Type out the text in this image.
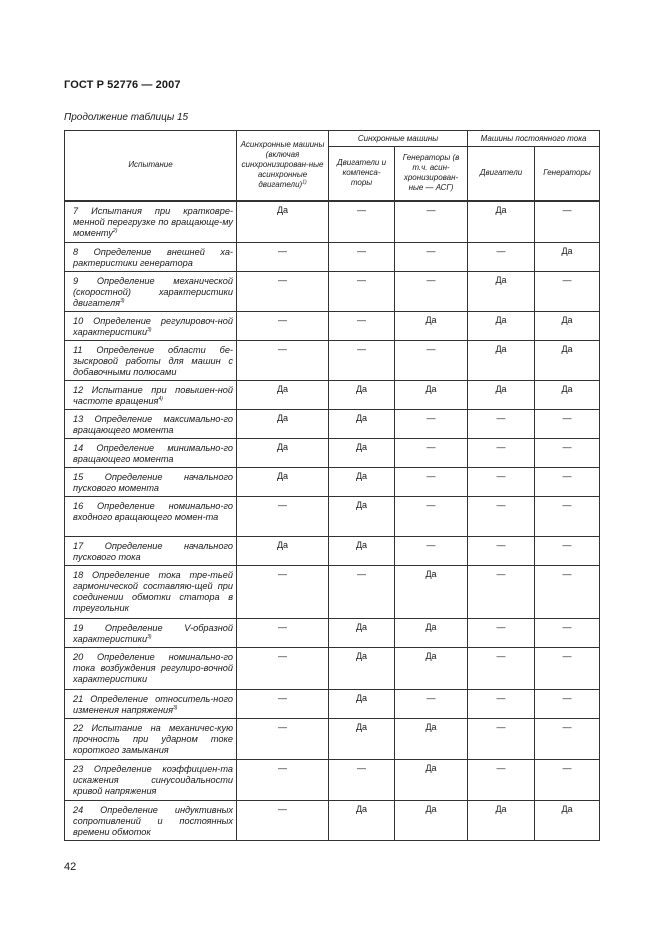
ГОСТ Р 52776 — 2007
Продолжение таблицы 15
Испытание	Асинхронные машины (включая синхронизирован-ные асинхронные двигатели)$^{1)}$	Синхронные машины		Машины постоянного тока	
		Двигатели и компенса-торы	Генераторы (в т.ч. асин-хронизирован-ные — АСГ)	Двигатели	Генераторы
7 Испытания при кратковре-менной перегрузке по вращающе-му моменту$^{2)}$	Да	—	—	Да	—
8 Определение внешней ха-рактеристики генератора	—	—	—	—	Да
9 Определение механической (скоростной) характеристики двигателя$^{3)}$	—	—	—	Да	—
10 Определение регулировоч-ной характеристики$^{3)}$	—	—	Да	Да	Да
11 Определение области бе-зыскровой работы для машин с добавочными полюсами	—	—	—	Да	Да
12 Испытание при повышен-ной частоте вращения$^{4)}$	Да	Да	Да	Да	Да
13 Определение максимально-го вращающего момента	Да	Да	—	—	—
14 Определение минимально-го вращающего момента	Да	Да	—	—	—
15 Определение начального пускового момента	Да	Да	—	—	—
16 Определение номинально-го входного вращающего момен-та	—	Да	—	—	—
17 Определение начального пускового тока	Да	Да	—	—	—
18 Определение тока тре-тьей гармонической составляю-щей при соединении обмотки статора в треугольник	—	—	Да	—	—
19 Определение V-образной характеристики$^{3)}$	—	Да	Да	—	—
20 Определение номинально-го тока возбуждения регулиро-вочной характеристики	—	Да	Да	—	—
21 Определение относитель-ного изменения напряжения$^{3)}$	—	Да	—	—	—
22 Испытание на механичес-кую прочность при ударном токе короткого замыкания	—	Да	Да	—	—
23 Определение коэффициен-та искажения синусоидальности кривой напряжения	—	—	Да	—	—
24 Определение индуктивных сопротивлений и постоянных времени обмоток	—	Да	Да	Да	Да
42
